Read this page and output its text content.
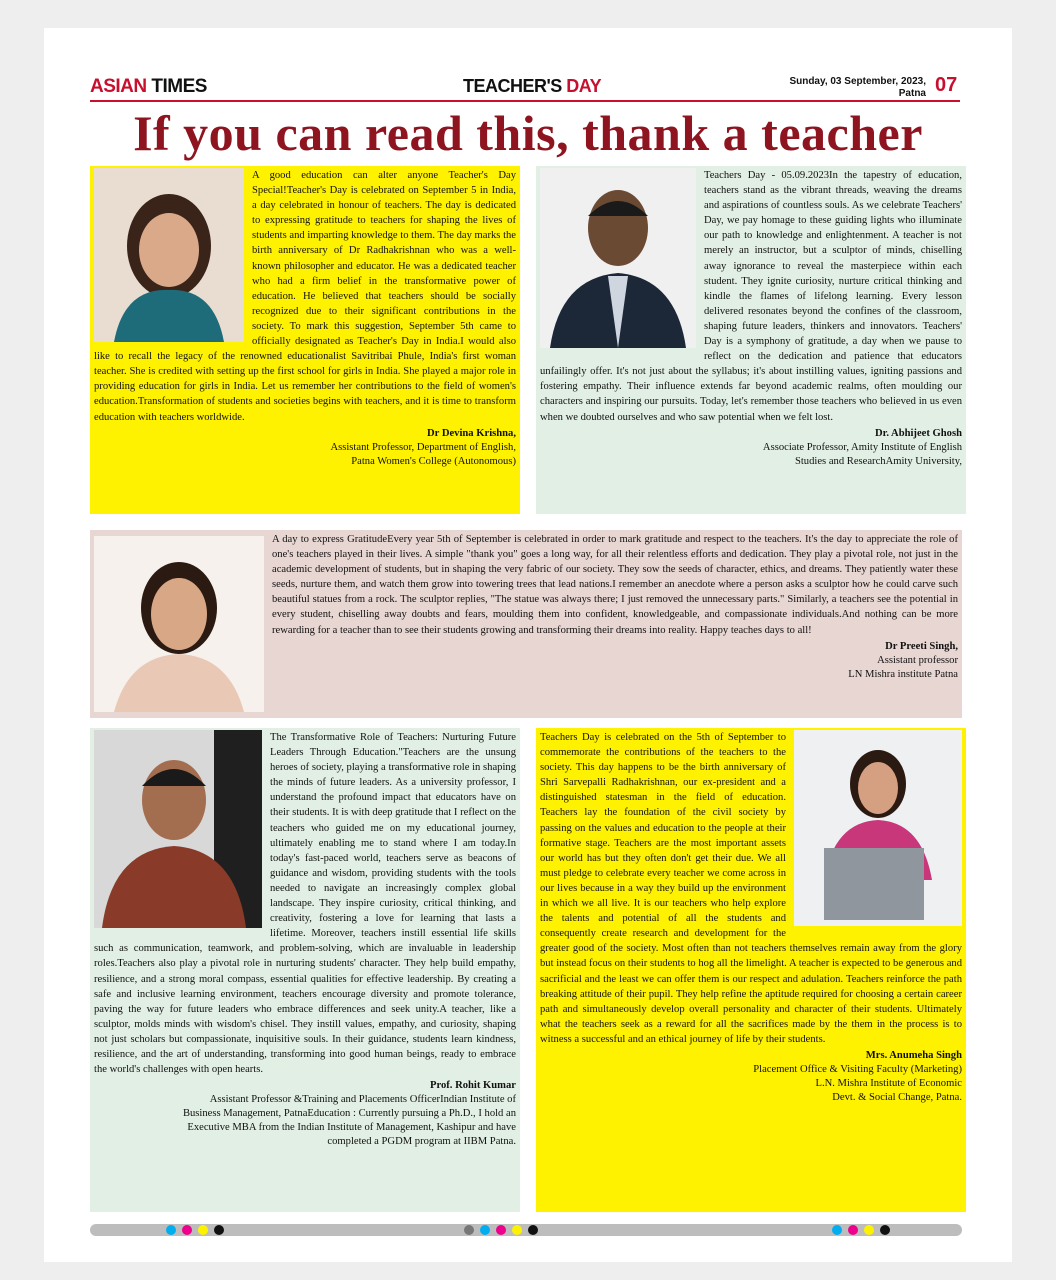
ASIAN TIMES	TEACHER'S DAY	Sunday, 03 September, 2023,
Patna 07
If you can read this, thank a teacher

A good education can alter anyone Teacher's Day Special!Teacher's Day is celebrated on September 5 in India, a day celebrated in honour of teachers. The day is dedicated to expressing gratitude to teachers for shaping the lives of students and imparting knowledge to them. The day marks the birth anniversary of Dr Radhakrishnan who was a well-known philosopher and educator. He was a dedicated teacher who had a firm belief in the transformative power of education. He believed that teachers should be socially recognized due to their significant contributions in the society. To mark this suggestion, September 5th came to officially designated as Teacher's Day in India.I would also like to recall the legacy of the renowned educationalist Savitribai Phule, India's first woman teacher. She is credited with setting up the first school for girls in India. She played a major role in providing education for girls in India. Let us remember her contributions to the field of women's education.Transformation of students and societies begins with teachers, and it is time to transform education with teachers worldwide.

Dr Devina Krishna,
Assistant Professor, Department of English,
Patna Women's College (Autonomous)

Teachers Day - 05.09.2023In the tapestry of education, teachers stand as the vibrant threads, weaving the dreams and aspirations of countless souls. As we celebrate Teachers' Day, we pay homage to these guiding lights who illuminate our path to knowledge and enlightenment. A teacher is not merely an instructor, but a sculptor of minds, chiselling away ignorance to reveal the masterpiece within each student. They ignite curiosity, nurture critical thinking and kindle the flames of lifelong learning. Every lesson delivered resonates beyond the confines of the classroom, shaping future leaders, thinkers and innovators. Teachers' Day is a symphony of gratitude, a day when we pause to reflect on the dedication and patience that educators unfailingly offer. It's not just about the syllabus; it's about instilling values, igniting passions and fostering empathy. Their influence extends far beyond academic realms, often moulding our characters and inspiring our pursuits. Today, let's remember those teachers who believed in us even when we doubted ourselves and who saw potential when we felt lost.

Dr. Abhijeet Ghosh
Associate Professor, Amity Institute of English
Studies and ResearchAmity University,

A day to express GratitudeEvery year 5th of September is celebrated in order to mark gratitude and respect to the teachers. It's the day to appreciate the role of one's teachers played in their lives. A simple "thank you" goes a long way, for all their relentless efforts and dedication. They play a pivotal role, not just in the academic development of students, but in shaping the very fabric of our society. They sow the seeds of character, ethics, and dreams. They patiently water these seeds, nurture them, and watch them grow into towering trees that lead nations.I remember an anecdote where a person asks a sculptor how he could carve such beautiful statues from a rock. The sculptor replies, "The statue was always there; I just removed the unnecessary parts." Similarly, a teachers see the potential in every student, chiselling away doubts and fears, moulding them into confident, knowledgeable, and compassionate individuals.And nothing can be more rewarding for a teacher than to see their students growing and transforming their dreams into reality. Happy teaches days to all!

Dr Preeti Singh,
Assistant professor
LN Mishra institute Patna

The Transformative Role of Teachers: Nurturing Future Leaders Through Education."Teachers are the unsung heroes of society, playing a transformative role in shaping the minds of future leaders. As a university professor, I understand the profound impact that educators have on their students. It is with deep gratitude that I reflect on the teachers who guided me on my educational journey, ultimately enabling me to stand where I am today.In today's fast-paced world, teachers serve as beacons of guidance and wisdom, providing students with the tools needed to navigate an increasingly complex global landscape. They inspire curiosity, critical thinking, and creativity, fostering a love for learning that lasts a lifetime. Moreover, teachers instill essential life skills such as communication, teamwork, and problem-solving, which are invaluable in leadership roles.Teachers also play a pivotal role in nurturing students' character. They help build empathy, resilience, and a strong moral compass, essential qualities for effective leadership. By creating a safe and inclusive learning environment, teachers encourage diversity and promote tolerance, paving the way for future leaders who embrace differences and seek unity.A teacher, like a sculptor, molds minds with wisdom's chisel. They instill values, empathy, and curiosity, shaping not just scholars but compassionate, inquisitive souls. In their guidance, students learn kindness, resilience, and the art of understanding, transforming into good human beings, ready to embrace the world's challenges with open hearts.

Prof. Rohit Kumar
Assistant Professor &Training and Placements OfficerIndian Institute of
Business Management, PatnaEducation : Currently pursuing a Ph.D., I hold an
Executive MBA from the Indian Institute of Management, Kashipur and have
completed a PGDM program at IIBM Patna.

Teachers Day is celebrated on the 5th of September to commemorate the contributions of the teachers to the society. This day happens to be the birth anniversary of Shri Sarvepalli Radhakrishnan, our ex-president and a distinguished statesman in the field of education. Teachers lay the foundation of the civil society by passing on the values and education to the people at their formative stage. Teachers are the most important assets our world has but they often don't get their due. We all must pledge to celebrate every teacher we come across in our lives because in a way they build up the environment in which we all live. It is our teachers who help explore the talents and potential of all the students and consequently create research and development for the greater good of the society. Most often than not teachers themselves remain away from the glory but instead focus on their students to hog all the limelight. A teacher is expected to be generous and sacrificial and the least we can offer them is our respect and adulation. Teachers reinforce the path breaking attitude of their pupil. They help refine the aptitude required for choosing a certain career path and simultaneously develop overall personality and character of their students. Ultimately what the teachers seek as a reward for all the sacrifices made by the them in the process is to witness a successful and an ethical journey of life by their students.

Mrs. Anumeha Singh
Placement Office & Visiting Faculty (Marketing)
L.N. Mishra Institute of Economic
Devt. & Social Change, Patna.
